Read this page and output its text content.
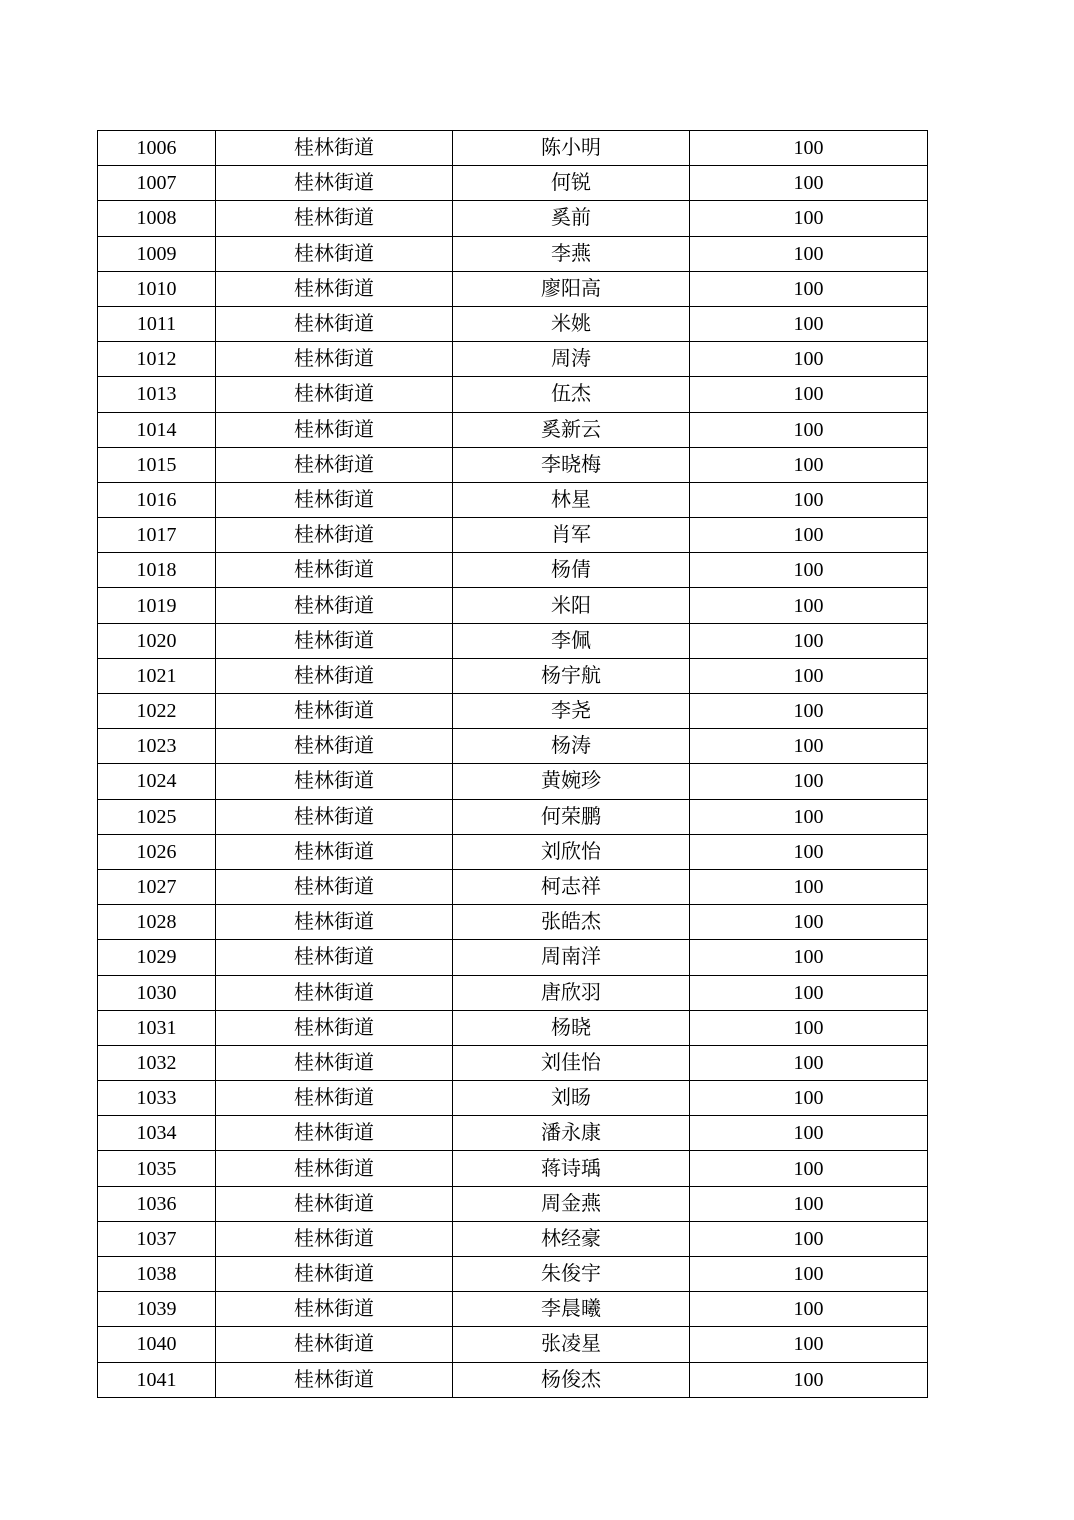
1006	桂林街道	陈小明	100
1007	桂林街道	何锐	100
1008	桂林街道	奚前	100
1009	桂林街道	李燕	100
1010	桂林街道	廖阳高	100
1011	桂林街道	米姚	100
1012	桂林街道	周涛	100
1013	桂林街道	伍杰	100
1014	桂林街道	奚新云	100
1015	桂林街道	李晓梅	100
1016	桂林街道	林星	100
1017	桂林街道	肖军	100
1018	桂林街道	杨倩	100
1019	桂林街道	米阳	100
1020	桂林街道	李佩	100
1021	桂林街道	杨宇航	100
1022	桂林街道	李尧	100
1023	桂林街道	杨涛	100
1024	桂林街道	黄婉珍	100
1025	桂林街道	何荣鹏	100
1026	桂林街道	刘欣怡	100
1027	桂林街道	柯志祥	100
1028	桂林街道	张皓杰	100
1029	桂林街道	周南洋	100
1030	桂林街道	唐欣羽	100
1031	桂林街道	杨晓	100
1032	桂林街道	刘佳怡	100
1033	桂林街道	刘旸	100
1034	桂林街道	潘永康	100
1035	桂林街道	蒋诗瑀	100
1036	桂林街道	周金燕	100
1037	桂林街道	林经豪	100
1038	桂林街道	朱俊宇	100
1039	桂林街道	李晨曦	100
1040	桂林街道	张凌星	100
1041	桂林街道	杨俊杰	100
